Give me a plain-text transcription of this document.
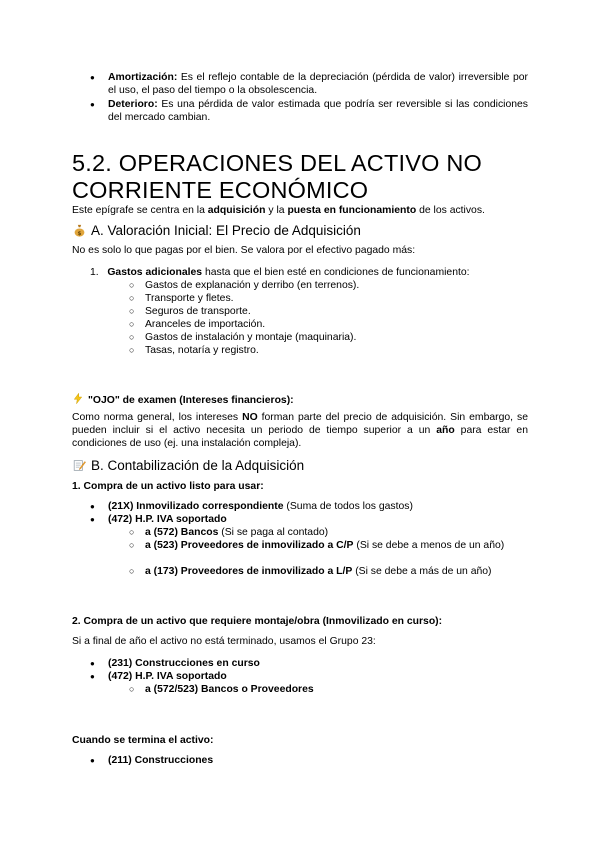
● Amortización: Es el reflejo contable de la depreciación (pérdida de valor) irreversible por el uso, el paso del tiempo o la obsolescencia.
● Deterioro: Es una pérdida de valor estimada que podría ser reversible si las condiciones del mercado cambian.
5.2. OPERACIONES DEL ACTIVO NO
CORRIENTE ECONÓMICO
Este epígrafe se centra en la adquisición y la puesta en funcionamiento de los activos.
$ A. Valoración Inicial: El Precio de Adquisición
No es solo lo que pagas por el bien. Se valora por el efectivo pagado más:
1. Gastos adicionales hasta que el bien esté en condiciones de funcionamiento:
○ Gastos de explanación y derribo (en terrenos).
○ Transporte y fletes.
○ Seguros de transporte.
○ Aranceles de importación.
○ Gastos de instalación y montaje (maquinaria).
○ Tasas, notaría y registro.
"OJO" de examen (Intereses financieros):
Como norma general, los intereses NO forman parte del precio de adquisición. Sin embargo, se pueden incluir si el activo necesita un periodo de tiempo superior a un año para estar en condiciones de uso (ej. una instalación compleja).
B. Contabilización de la Adquisición
1. Compra de un activo listo para usar:
● (21X) Inmovilizado correspondiente (Suma de todos los gastos)
● (472) H.P. IVA soportado
○ a (572) Bancos (Si se paga al contado)
○ a (523) Proveedores de inmovilizado a C/P (Si se debe a menos de un año)
○ a (173) Proveedores de inmovilizado a L/P (Si se debe a más de un año)
2. Compra de un activo que requiere montaje/obra (Inmovilizado en curso):
Si a final de año el activo no está terminado, usamos el Grupo 23:
● (231) Construcciones en curso
● (472) H.P. IVA soportado
○ a (572/523) Bancos o Proveedores
Cuando se termina el activo:
● (211) Construcciones
